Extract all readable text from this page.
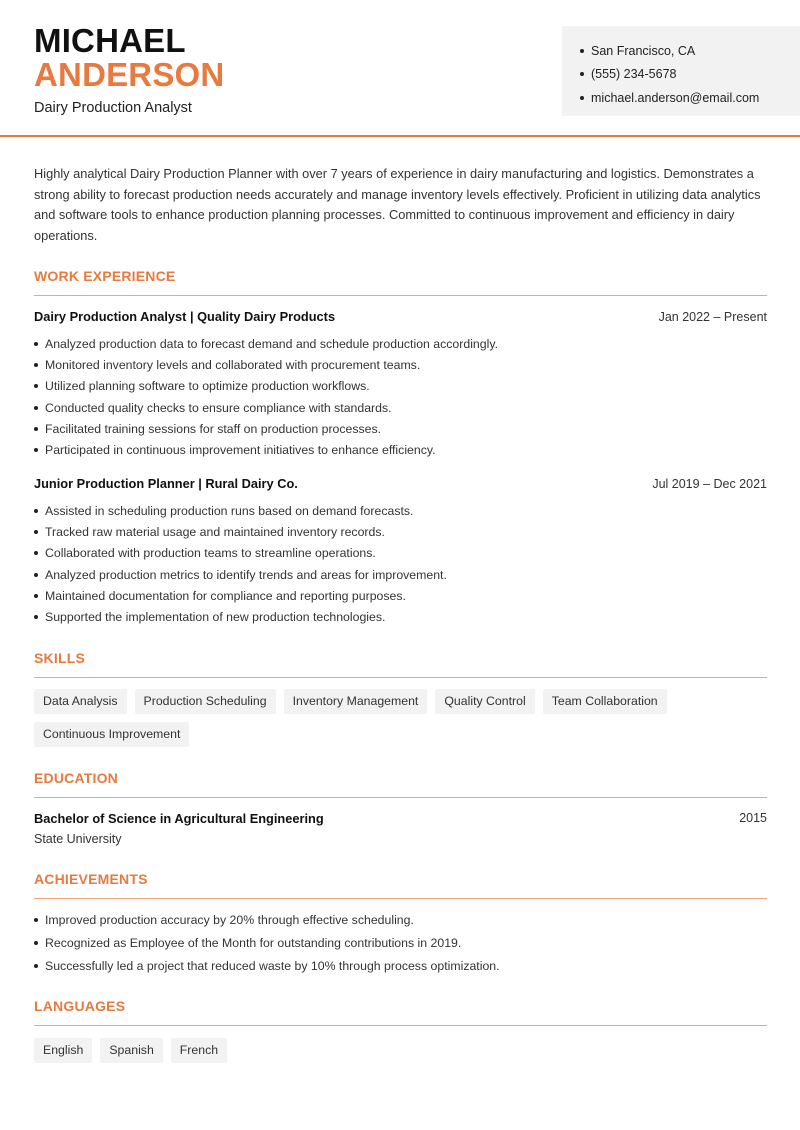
MICHAEL
ANDERSON
Dairy Production Analyst
San Francisco, CA
(555) 234-5678
michael.anderson@email.com
Highly analytical Dairy Production Planner with over 7 years of experience in dairy manufacturing and logistics. Demonstrates a strong ability to forecast production needs accurately and manage inventory levels effectively. Proficient in utilizing data analytics and software tools to enhance production planning processes. Committed to continuous improvement and efficiency in dairy operations.
WORK EXPERIENCE
Dairy Production Analyst | Quality Dairy Products	Jan 2022 – Present
Analyzed production data to forecast demand and schedule production accordingly.
Monitored inventory levels and collaborated with procurement teams.
Utilized planning software to optimize production workflows.
Conducted quality checks to ensure compliance with standards.
Facilitated training sessions for staff on production processes.
Participated in continuous improvement initiatives to enhance efficiency.
Junior Production Planner | Rural Dairy Co.	Jul 2019 – Dec 2021
Assisted in scheduling production runs based on demand forecasts.
Tracked raw material usage and maintained inventory records.
Collaborated with production teams to streamline operations.
Analyzed production metrics to identify trends and areas for improvement.
Maintained documentation for compliance and reporting purposes.
Supported the implementation of new production technologies.
SKILLS
Data Analysis	Production Scheduling	Inventory Management	Quality Control	Team Collaboration
Continuous Improvement
EDUCATION
Bachelor of Science in Agricultural Engineering	2015
State University
ACHIEVEMENTS
Improved production accuracy by 20% through effective scheduling.
Recognized as Employee of the Month for outstanding contributions in 2019.
Successfully led a project that reduced waste by 10% through process optimization.
LANGUAGES
English	Spanish	French
